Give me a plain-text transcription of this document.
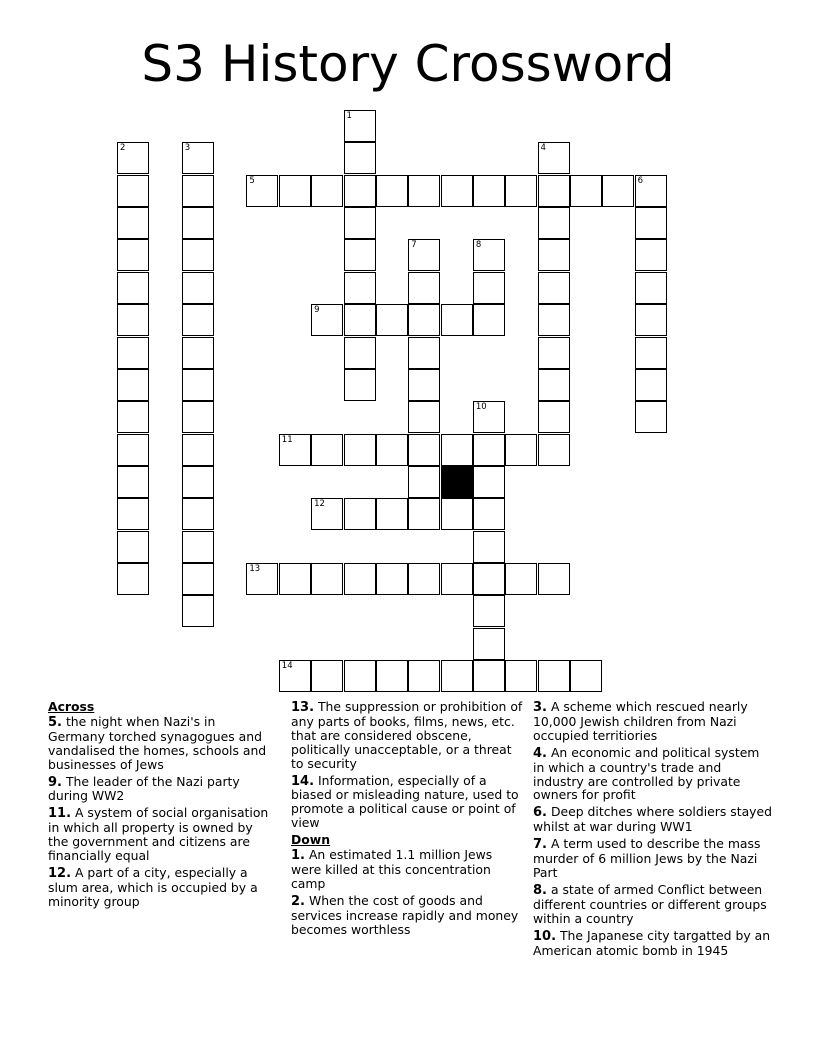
S3 History Crossword
1
2	3	4
5	6
7	8
9
10
11
12
13
14
Across
5. the night when Nazi's in Germany torched synagogues and vandalised the homes, schools and businesses of Jews
9. The leader of the Nazi party during WW2
11. A system of social organisation in which all property is owned by the government and citizens are financially equal
12. A part of a city, especially a slum area, which is occupied by a minority group
13. The suppression or prohibition of any parts of books, films, news, etc. that are considered obscene, politically unacceptable, or a threat to security
14. Information, especially of a biased or misleading nature, used to promote a political cause or point of view
Down
1. An estimated 1.1 million Jews were killed at this concentration camp
2. When the cost of goods and services increase rapidly and money becomes worthless
3. A scheme which rescued nearly 10,000 Jewish children from Nazi occupied territiories
4. An economic and political system in which a country's trade and industry are controlled by private owners for profit
6. Deep ditches where soldiers stayed whilst at war during WW1
7. A term used to describe the mass murder of 6 million Jews by the Nazi Part
8. a state of armed Conflict between different countries or different groups within a country
10. The Japanese city targatted by an American atomic bomb in 1945
